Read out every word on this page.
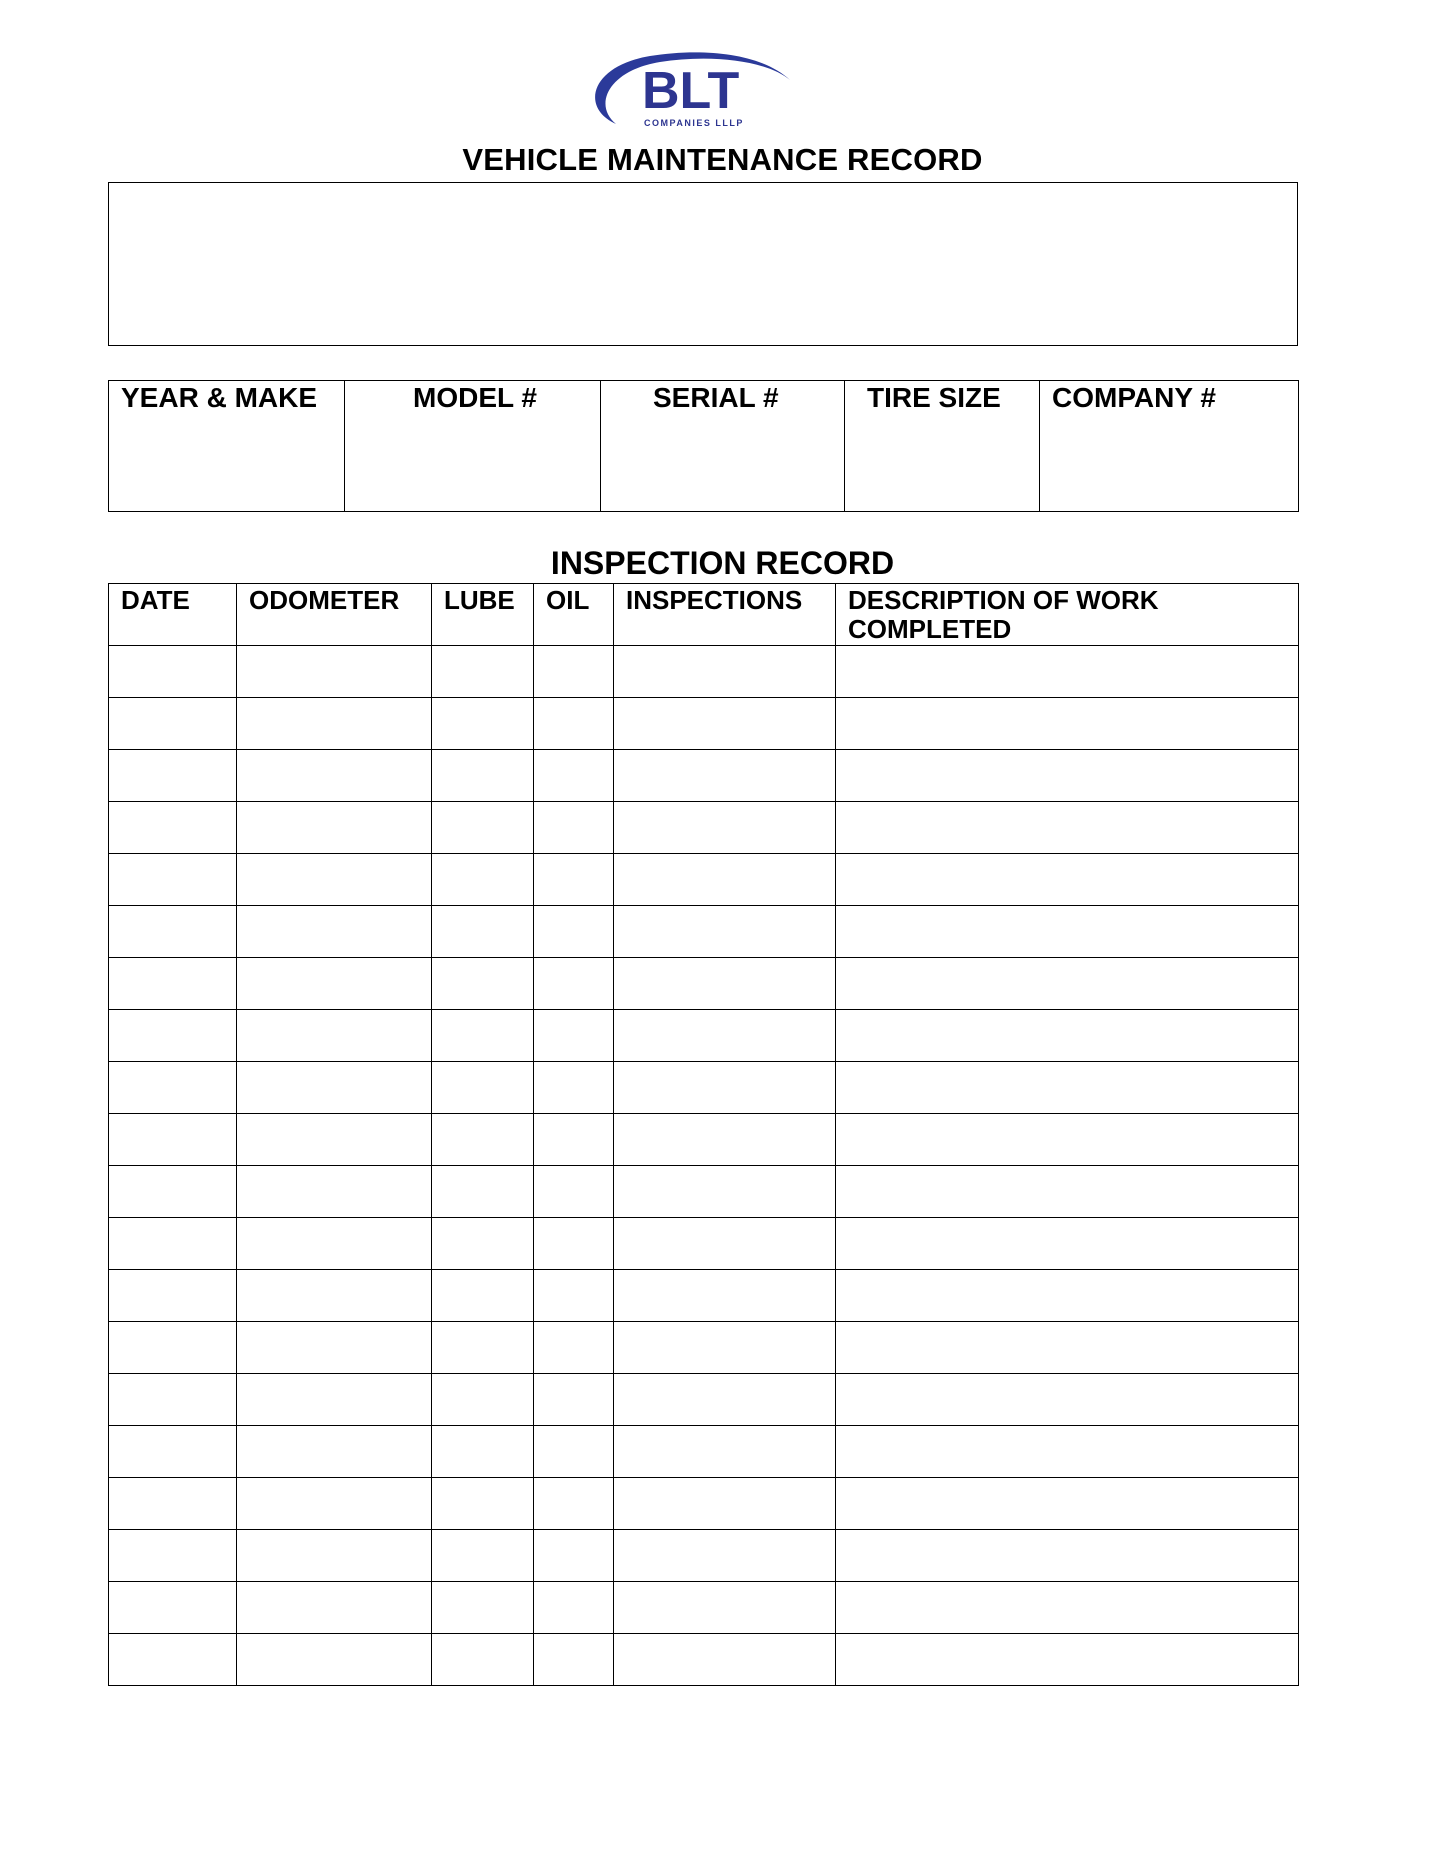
BLT
COMPANIES LLLP
VEHICLE MAINTENANCE RECORD
YEAR & MAKE	MODEL #	SERIAL #	TIRE SIZE	COMPANY #
INSPECTION RECORD
DATE	ODOMETER	LUBE	OIL	INSPECTIONS	DESCRIPTION OF WORK COMPLETED
